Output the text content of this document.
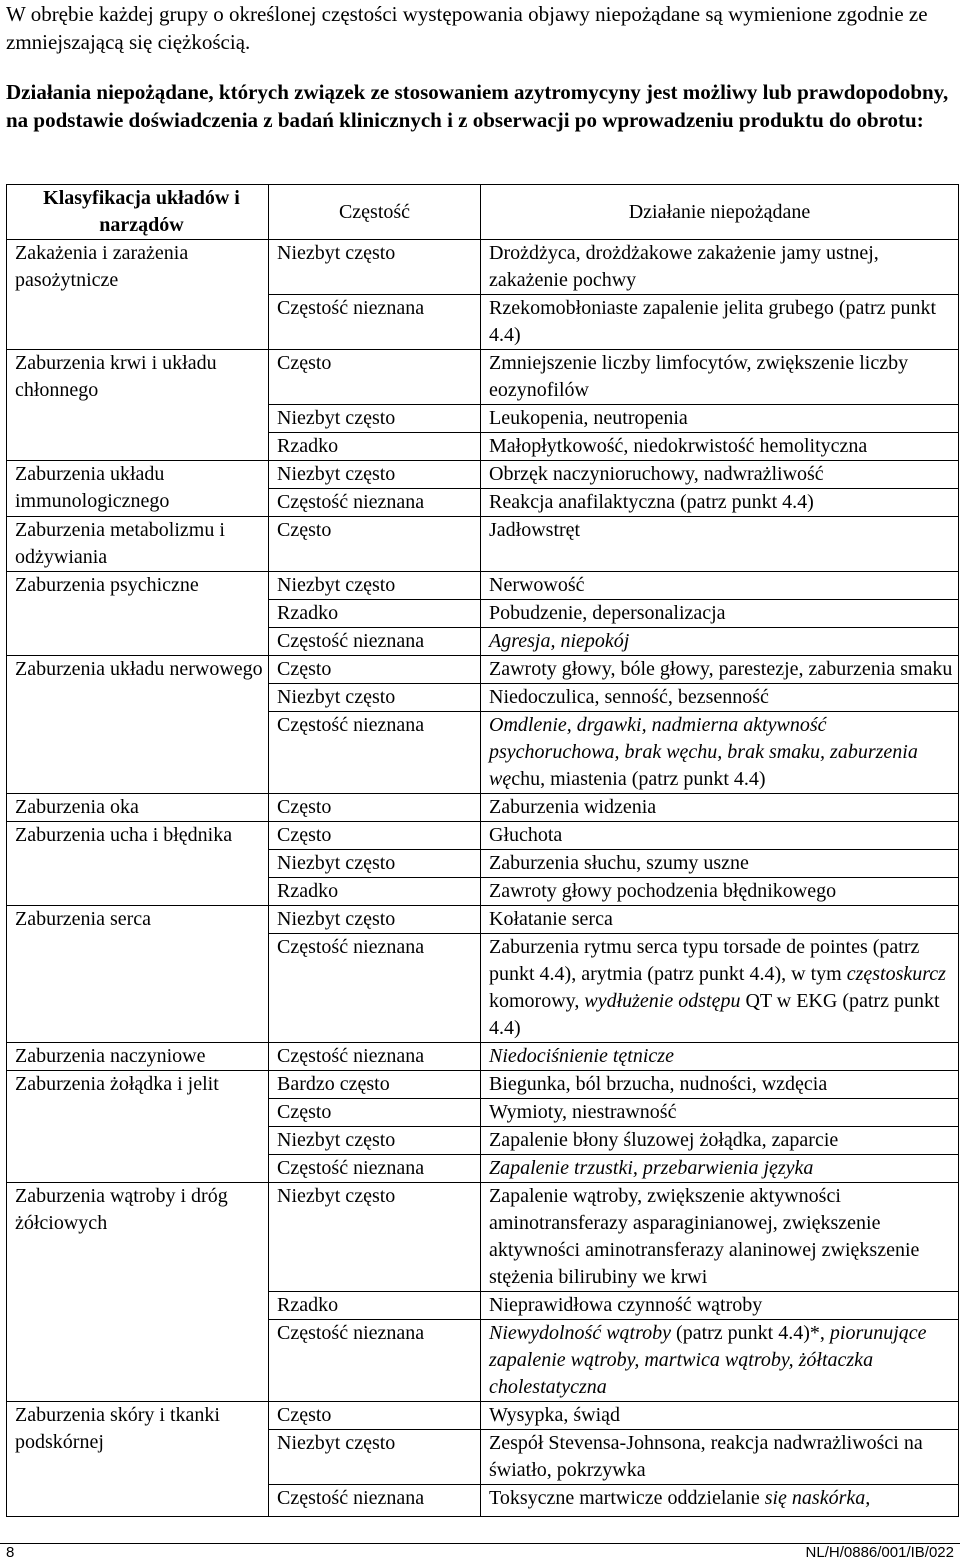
W obrębie każdej grupy o określonej częstości występowania objawy niepożądane są wymienione zgodnie ze zmniejszającą się ciężkością.

Działania niepożądane, których związek ze stosowaniem azytromycyny jest możliwy lub prawdopodobny, na podstawie doświadczenia z badań klinicznych i z obserwacji po wprowadzeniu produktu do obrotu:

Klasyfikacja układów i narządów	Częstość	Działanie niepożądane
Zakażenia i zarażenia pasożytnicze	Niezbyt często	Drożdżyca, drożdżakowe zakażenie jamy ustnej, zakażenie pochwy
	Częstość nieznana	Rzekomobłoniaste zapalenie jelita grubego (patrz punkt 4.4)
Zaburzenia krwi i układu chłonnego	Często	Zmniejszenie liczby limfocytów, zwiększenie liczby eozynofilów
	Niezbyt często	Leukopenia, neutropenia
	Rzadko	Małopłytkowość, niedokrwistość hemolityczna
Zaburzenia układu immunologicznego	Niezbyt często	Obrzęk naczynioruchowy, nadwrażliwość
	Częstość nieznana	Reakcja anafilaktyczna (patrz punkt 4.4)
Zaburzenia metabolizmu i odżywiania	Często	Jadłowstręt
Zaburzenia psychiczne	Niezbyt często	Nerwowość
	Rzadko	Pobudzenie, depersonalizacja
	Częstość nieznana	Agresja, niepokój
Zaburzenia układu nerwowego	Często	Zawroty głowy, bóle głowy, parestezje, zaburzenia smaku
	Niezbyt często	Niedoczulica, senność, bezsenność
	Częstość nieznana	Omdlenie, drgawki, nadmierna aktywność psychoruchowa, brak węchu, brak smaku, zaburzenia węchu, miastenia (patrz punkt 4.4)
Zaburzenia oka	Często	Zaburzenia widzenia
Zaburzenia ucha i błędnika	Często	Głuchota
	Niezbyt często	Zaburzenia słuchu, szumy uszne
	Rzadko	Zawroty głowy pochodzenia błędnikowego
Zaburzenia serca	Niezbyt często	Kołatanie serca
	Częstość nieznana	Zaburzenia rytmu serca typu torsade de pointes (patrz punkt 4.4), arytmia (patrz punkt 4.4), w tym częstoskurcz komorowy, wydłużenie odstępu QT w EKG (patrz punkt 4.4)
Zaburzenia naczyniowe	Częstość nieznana	Niedociśnienie tętnicze
Zaburzenia żołądka i jelit	Bardzo często	Biegunka, ból brzucha, nudności, wzdęcia
	Często	Wymioty, niestrawność
	Niezbyt często	Zapalenie błony śluzowej żołądka, zaparcie
	Częstość nieznana	Zapalenie trzustki, przebarwienia języka
Zaburzenia wątroby i dróg żółciowych	Niezbyt często	Zapalenie wątroby, zwiększenie aktywności aminotransferazy asparaginianowej, zwiększenie aktywności aminotransferazy alaninowej zwiększenie stężenia bilirubiny we krwi
	Rzadko	Nieprawidłowa czynność wątroby
	Częstość nieznana	Niewydolność wątroby (patrz punkt 4.4)*, piorunujące zapalenie wątroby, martwica wątroby, żółtaczka cholestatyczna
Zaburzenia skóry i tkanki podskórnej	Często	Wysypka, świąd
	Niezbyt często	Zespół Stevensa-Johnsona, reakcja nadwrażliwości na światło, pokrzywka
	Częstość nieznana	Toksyczne martwicze oddzielanie się naskórka,
8	NL/H/0886/001/IB/022
